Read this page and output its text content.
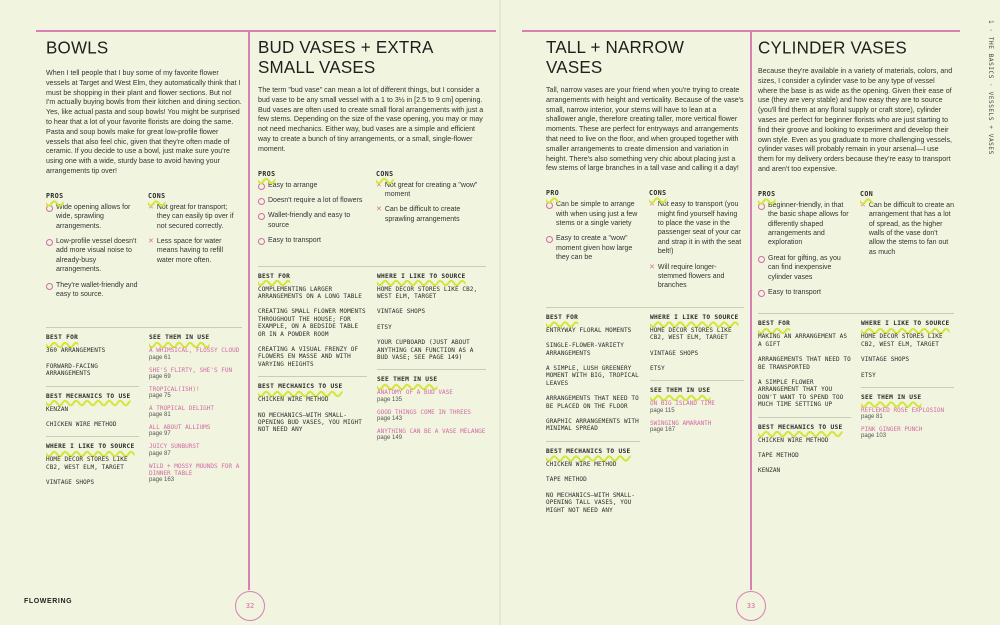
BOWLS
When I tell people that I buy some of my favorite flower vessels at Target and West Elm, they automatically think that I must be shopping in their plant and flower sections. But no! I'm actually buying bowls from their kitchen and dining section. Yes, like actual pasta and soup bowls! You might be surprised to hear that a lot of your favorite florists are doing the same. Pasta and soup bowls make for great low-profile flower vessels that also feel chic, given that they're often made of ceramic. If you decide to use a bowl, just make sure you're using one with a wide, sturdy base to avoid having your arrangements tip over!
PROS
Wide opening allows for wide, sprawling arrangements.
Low-profile vessel doesn't add more visual noise to already-busy arrangements.
They're wallet-friendly and easy to source.
CONS
✕ Not great for transport; they can easily tip over if not secured correctly.
✕ Less space for water means having to refill water more often.
BEST FOR
360 ARRANGEMENTS
FORWARD-FACING ARRANGEMENTS
BEST MECHANICS TO USE
KENZAN
CHICKEN WIRE METHOD
WHERE I LIKE TO SOURCE
HOME DECOR STORES LIKE CB2, WEST ELM, TARGET
VINTAGE SHOPS
SEE THEM IN USE
A WHIMSICAL, FLOSSY CLOUD
page 61
SHE'S FLIRTY, SHE'S FUN
page 69
TROPICAL(ISH)!
page 75
A TROPICAL DELIGHT
page 81
ALL ABOUT ALLIUMS
page 97
JUICY SUNBURST
page 87
WILD + MOSSY MOUNDS FOR A DINNER TABLE
page 163
BUD VASES + EXTRA SMALL VASES
The term "bud vase" can mean a lot of different things, but I consider a bud vase to be any small vessel with a 1 to 3½ in [2.5 to 9 cm] opening. Bud vases are often used to create small floral arrangements with just a few stems. Depending on the size of the vase opening, you may or may not need mechanics. Either way, bud vases are a simple and efficient way to create a bunch of tiny arrangements, or a small, single-flower moment.
PROS
Easy to arrange
Doesn't require a lot of flowers
Wallet-friendly and easy to source
Easy to transport
CONS
✕ Not great for creating a "wow" moment
✕ Can be difficult to create sprawling arrangements
BEST FOR
COMPLEMENTING LARGER ARRANGEMENTS ON A LONG TABLE
CREATING SMALL FLOWER MOMENTS THROUGHOUT THE HOUSE; FOR EXAMPLE, ON A BEDSIDE TABLE OR IN A POWDER ROOM
CREATING A VISUAL FRENZY OF FLOWERS EN MASSE AND WITH VARYING HEIGHTS
BEST MECHANICS TO USE
CHICKEN WIRE METHOD
NO MECHANICS—WITH SMALL-OPENING BUD VASES, YOU MIGHT NOT NEED ANY
WHERE I LIKE TO SOURCE
HOME DECOR STORES LIKE CB2, WEST ELM, TARGET
VINTAGE SHOPS
ETSY
YOUR CUPBOARD (JUST ABOUT ANYTHING CAN FUNCTION AS A BUD VASE; SEE PAGE 149)
SEE THEM IN USE
ANATOMY OF A BUD VASE
page 135
GOOD THINGS COME IN THREES
page 143
ANYTHING CAN BE A VASE MÉLANGE
page 149
FLOWERING
32
TALL + NARROW VASES
Tall, narrow vases are your friend when you're trying to create arrangements with height and verticality. Because of the vase's small, narrow interior, your stems will have to lean at a shallower angle, therefore creating taller, more vertical flower moments. These are perfect for entryways and arrangements that need to live on the floor, and when grouped together with smaller arrangements to create dimension and variation in height. There's also something very chic about placing just a few stems of large branches in a tall vase and calling it a day!
PRO
Can be simple to arrange with when using just a few stems or a single variety
Easy to create a "wow" moment given how large they can be
CONS
✕ Not easy to transport (you might find yourself having to place the vase in the passenger seat of your car and strap it in with the seat belt!)
✕ Will require longer-stemmed flowers and branches
BEST FOR
ENTRYWAY FLORAL MOMENTS
SINGLE-FLOWER-VARIETY ARRANGEMENTS
A SIMPLE, LUSH GREENERY MOMENT WITH BIG, TROPICAL LEAVES
ARRANGEMENTS THAT NEED TO BE PLACED ON THE FLOOR
GRAPHIC ARRANGEMENTS WITH MINIMAL SPREAD
BEST MECHANICS TO USE
CHICKEN WIRE METHOD
TAPE METHOD
NO MECHANICS—WITH SMALL-OPENING TALL VASES, YOU MIGHT NOT NEED ANY
WHERE I LIKE TO SOURCE
HOME DECOR STORES LIKE CB2, WEST ELM, TARGET
VINTAGE SHOPS
ETSY
SEE THEM IN USE
ON BIG ISLAND TIME
page 115
SWINGING AMARANTH
page 167
CYLINDER VASES
Because they're available in a variety of materials, colors, and sizes, I consider a cylinder vase to be any type of vessel where the base is as wide as the opening. Given their ease of use (they are very stable) and how easy they are to source (you'll find them at any floral supply or craft store), cylinder vases are perfect for beginner florists who are just starting to find their groove and looking to experiment and develop their own style. Even as you graduate to more challenging vessels, cylinder vases will probably remain in your arsenal—I use them for my delivery orders because they're easy to transport and aren't too expensive.
PROS
Beginner-friendly, in that the basic shape allows for differently shaped arrangements and exploration
Great for gifting, as you can find inexpensive cylinder vases
Easy to transport
CON
✕ Can be difficult to create an arrangement that has a lot of spread, as the higher walls of the vase don't allow the stems to fan out as much
BEST FOR
MAKING AN ARRANGEMENT AS A GIFT
ARRANGEMENTS THAT NEED TO BE TRANSPORTED
A SIMPLE FLOWER ARRANGEMENT THAT YOU DON'T WANT TO SPEND TOO MUCH TIME SETTING UP
BEST MECHANICS TO USE
CHICKEN WIRE METHOD
TAPE METHOD
KENZAN
WHERE I LIKE TO SOURCE
HOME DECOR STORES LIKE CB2, WEST ELM, TARGET
VINTAGE SHOPS
ETSY
SEE THEM IN USE
REFLEKED ROSE EXPLOSION
page 81
PINK GINGER PUNCH
page 103
1 · THE BASICS · VESSELS + VASES
33
